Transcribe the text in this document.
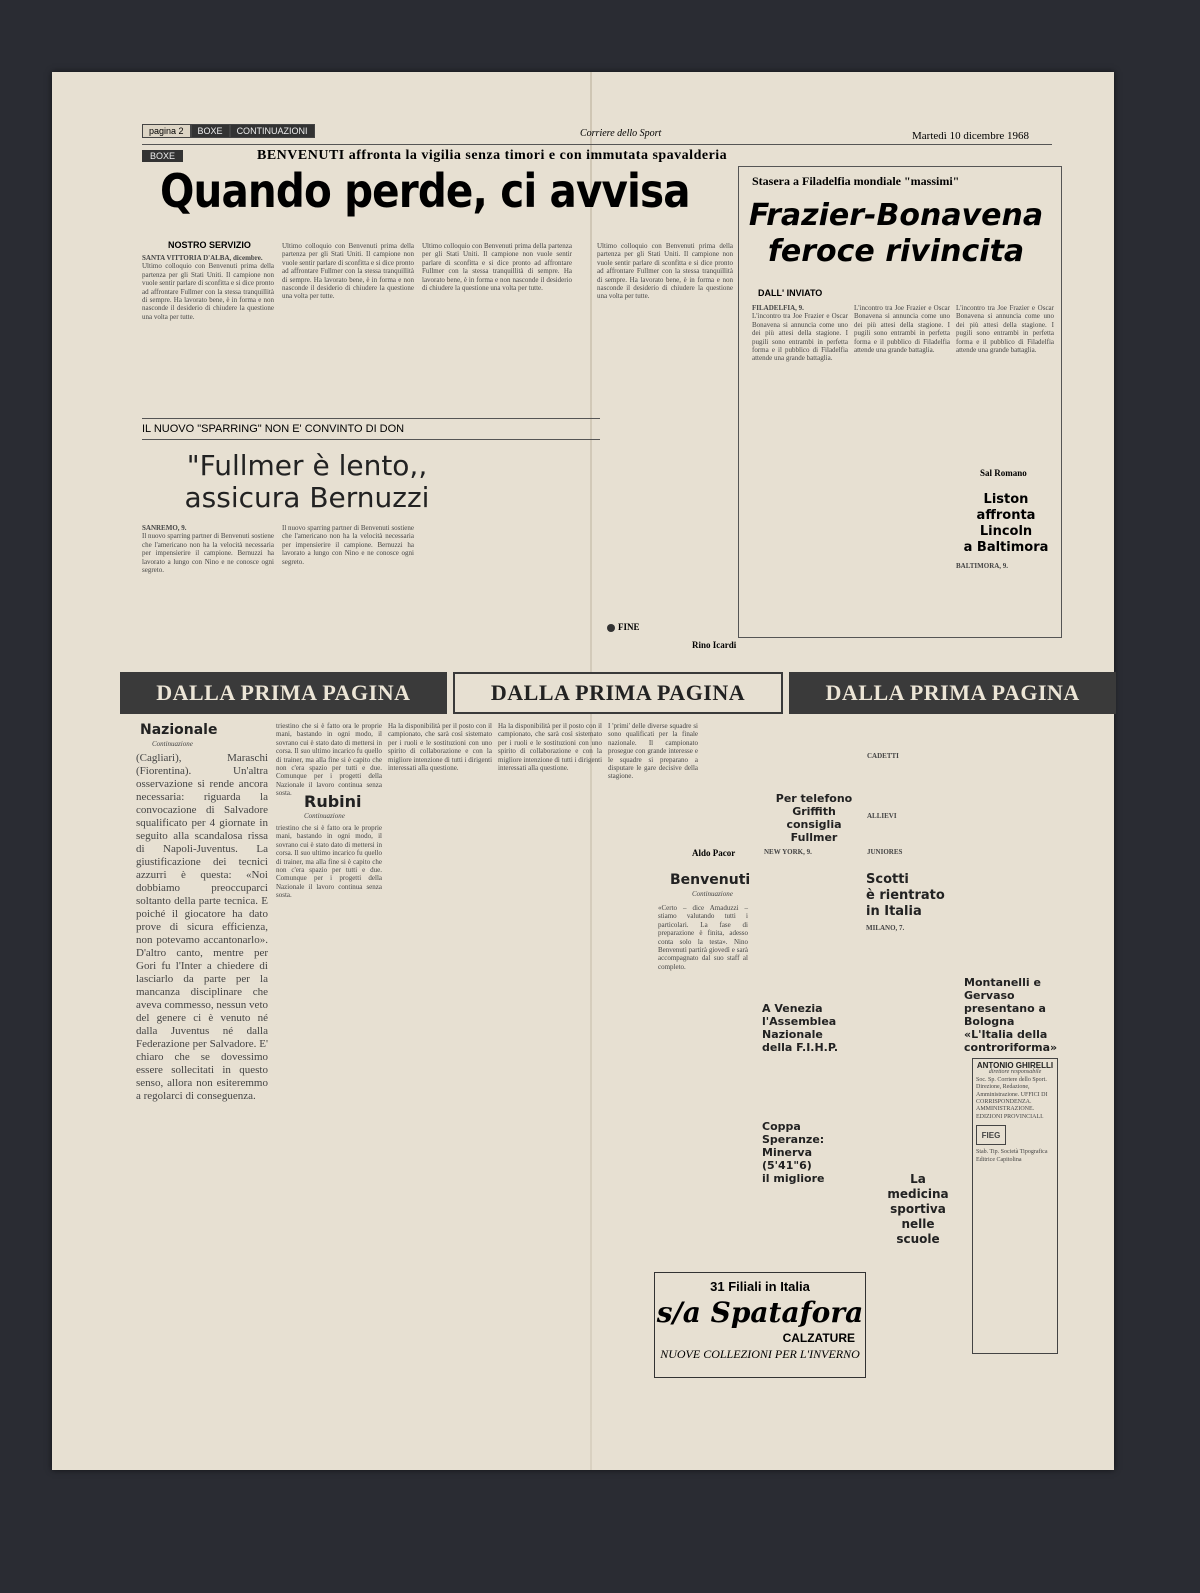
pagina 2	BOXE	CONTINUAZIONI	Corriere dello Sport	Martedì 10 dicembre 1968
BOXE	BENVENUTI affronta la vigilia senza timori e con immutata spavalderia
Quando perde, ci avvisa
NOSTRO SERVIZIO

SANTA VITTORIA D'ALBA, dicembre.

Ultimo colloquio con Benvenuti prima della partenza per gli Stati Uniti. Il campione non vuole sentir parlare di sconfitta e si dice pronto ad affrontare Fullmer con la stessa tranquillità di sempre. Ha lavorato bene, è in forma e non nasconde il desiderio di chiudere la questione una volta per tutte.

Ultimo colloquio con Benvenuti prima della partenza per gli Stati Uniti. Il campione non vuole sentir parlare di sconfitta e si dice pronto ad affrontare Fullmer con la stessa tranquillità di sempre. Ha lavorato bene, è in forma e non nasconde il desiderio di chiudere la questione una volta per tutte.

Ultimo colloquio con Benvenuti prima della partenza per gli Stati Uniti. Il campione non vuole sentir parlare di sconfitta e si dice pronto ad affrontare Fullmer con la stessa tranquillità di sempre. Ha lavorato bene, è in forma e non nasconde il desiderio di chiudere la questione una volta per tutte.

Ultimo colloquio con Benvenuti prima della partenza per gli Stati Uniti. Il campione non vuole sentir parlare di sconfitta e si dice pronto ad affrontare Fullmer con la stessa tranquillità di sempre. Ha lavorato bene, è in forma e non nasconde il desiderio di chiudere la questione una volta per tutte.

FINE
Rino Icardi
IL NUOVO "SPARRING" NON E' CONVINTO DI DON
"Fullmer è lento,,
assicura Bernuzzi

SANREMO, 9.

Il nuovo sparring partner di Benvenuti sostiene che l'americano non ha la velocità necessaria per impensierire il campione. Bernuzzi ha lavorato a lungo con Nino e ne conosce ogni segreto.

Il nuovo sparring partner di Benvenuti sostiene che l'americano non ha la velocità necessaria per impensierire il campione. Bernuzzi ha lavorato a lungo con Nino e ne conosce ogni segreto.

Stasera a Filadelfia mondiale "massimi"
Frazier-Bonavena
feroce rivincita
DALL' INVIATO

FILADELFIA, 9.

L'incontro tra Joe Frazier e Oscar Bonavena si annuncia come uno dei più attesi della stagione. I pugili sono entrambi in perfetta forma e il pubblico di Filadelfia attende una grande battaglia.

L'incontro tra Joe Frazier e Oscar Bonavena si annuncia come uno dei più attesi della stagione. I pugili sono entrambi in perfetta forma e il pubblico di Filadelfia attende una grande battaglia.

L'incontro tra Joe Frazier e Oscar Bonavena si annuncia come uno dei più attesi della stagione. I pugili sono entrambi in perfetta forma e il pubblico di Filadelfia attende una grande battaglia.

Sal Romano
Liston
affronta
Lincoln
a Baltimora

BALTIMORA, 9.

DALLA PRIMA PAGINA	DALLA PRIMA PAGINA	DALLA PRIMA PAGINA
Nazionale
Continuazione
(Cagliari), Maraschi (Fiorentina). Un'altra osservazione si rende ancora necessaria: riguarda la convocazione di Salvadore squalificato per 4 giornate in seguito alla scandalosa rissa di Napoli-Juventus. La giustificazione dei tecnici azzurri è questa: «Noi dobbiamo preoccuparci soltanto della parte tecnica. E poiché il giocatore ha dato prove di sicura efficienza, non potevamo accantonarlo». D'altro canto, mentre per Gori fu l'Inter a chiedere di lasciarlo da parte per la mancanza disciplinare che aveva commesso, nessun veto del genere ci è venuto né dalla Juventus né dalla Federazione per Salvadore. E' chiaro che se dovessimo essere sollecitati in questo senso, allora non esiteremmo a regolarci di conseguenza.
Rubini
Continuazione
triestino che si è fatto ora le proprie mani, bastando in ogni modo, il sovrano cui è stato dato di mettersi in corsa. Il suo ultimo incarico fu quello di trainer, ma alla fine si è capito che non c'era spazio per tutti e due. Comunque per i progetti della Nazionale il lavoro continua senza sosta.
triestino che si è fatto ora le proprie mani, bastando in ogni modo, il sovrano cui è stato dato di mettersi in corsa. Il suo ultimo incarico fu quello di trainer, ma alla fine si è capito che non c'era spazio per tutti e due. Comunque per i progetti della Nazionale il lavoro continua senza sosta.
Ha la disponibilità per il posto con il campionato, che sarà così sistemato per i ruoli e le sostituzioni con uno spirito di collaborazione e con la migliore intenzione di tutti i dirigenti interessati alla questione.
Ha la disponibilità per il posto con il campionato, che sarà così sistemato per i ruoli e le sostituzioni con uno spirito di collaborazione e con la migliore intenzione di tutti i dirigenti interessati alla questione.
I 'primi' delle diverse squadre si sono qualificati per la finale nazionale. Il campionato prosegue con grande interesse e le squadre si preparano a disputare le gare decisive della stagione.
Benvenuti
Continuazione
Aldo Pacor
«Certo – dice Amaduzzi – stiamo valutando tutti i particolari. La fase di preparazione è finita, adesso conta solo la testa». Nino Benvenuti partirà giovedì e sarà accompagnato dal suo staff al completo.
Per telefono
Griffith
consiglia
Fullmer

NEW YORK, 9.

A Venezia
l'Assemblea Nazionale
della F.I.H.P.
Coppa Speranze:
Minerva (5'41"6)
il migliore
CADETTI
ALLIEVI
JUNIORES
Scotti
è rientrato
in Italia

MILANO, 7.

La medicina
sportiva
nelle scuole
Montanelli e Gervaso
presentano a Bologna
«L'Italia della
controriforma»
31 Filiali in Italia
s/a Spatafora
CALZATURE
NUOVE COLLEZIONI PER L'INVERNO
ANTONIO GHIRELLI
direttore responsabile
Soc. Sp. Corriere dello Sport. Direzione, Redazione, Amministrazione. UFFICI DI CORRISPONDENZA. AMMINISTRAZIONE. EDIZIONI PROVINCIALI.
FIEG
Stab. Tip. Società Tipografica Editrice Capitolina
